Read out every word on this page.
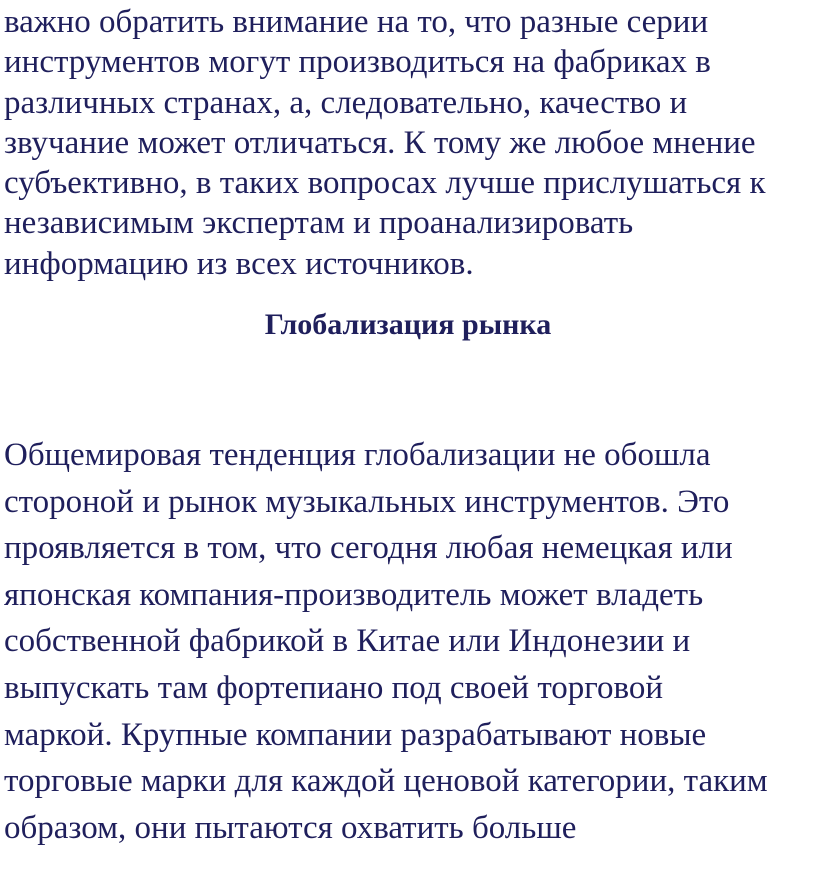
важно обратить внимание на то, что разные серии
инструментов могут производиться на фабриках в
различных странах, а, следовательно, качество и
звучание может отличаться. К тому же любое мнение
субъективно, в таких вопросах лучше прислушаться к
независимым экспертам и проанализировать
информацию из всех источников.

Глобализация рынка

Общемировая тенденция глобализации не обошла
стороной и рынок музыкальных инструментов. Это
проявляется в том, что сегодня любая немецкая или
японская компания-производитель может владеть
собственной фабрикой в Китае или Индонезии и
выпускать там фортепиано под своей торговой
маркой. Крупные компании разрабатывают новые
торговые марки для каждой ценовой категории, таким
образом, они пытаются охватить больше
